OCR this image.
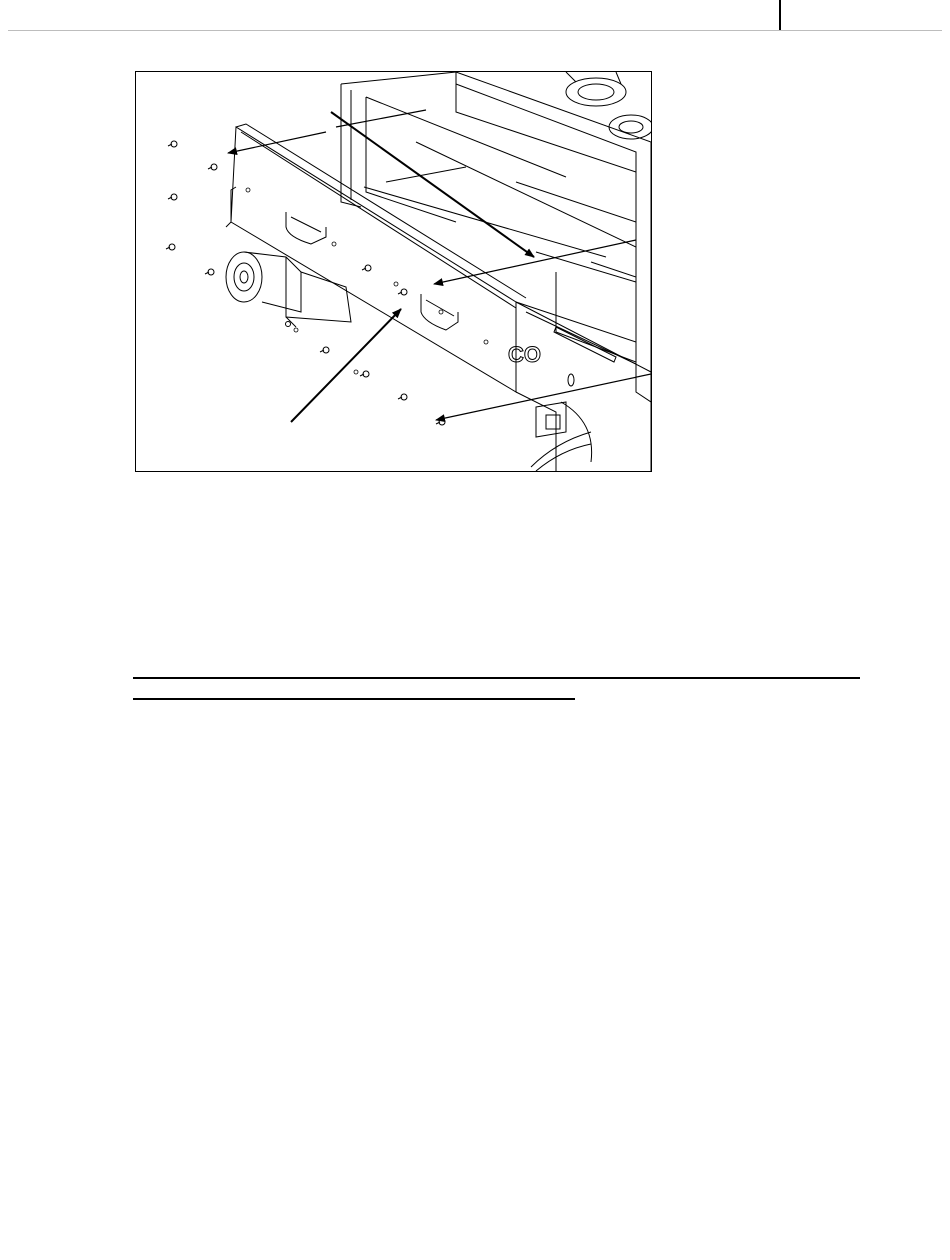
CO
